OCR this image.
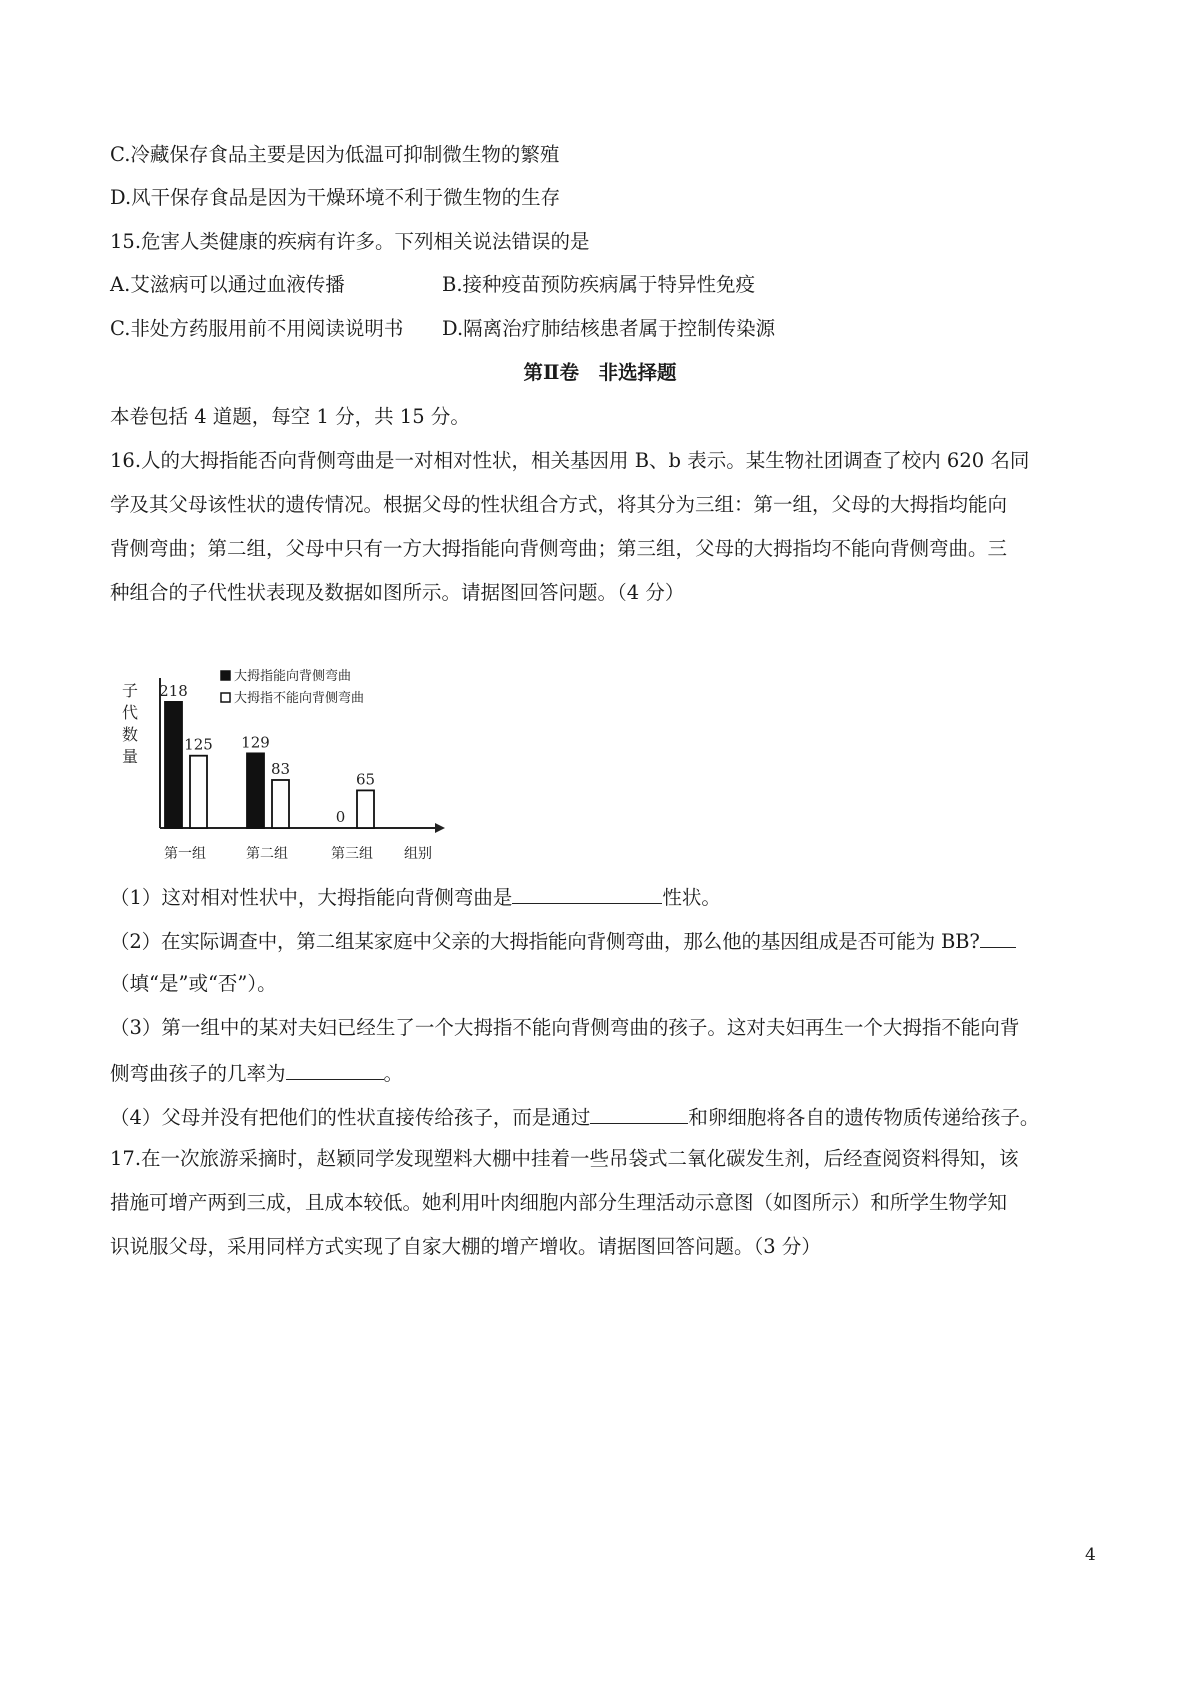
C.冷藏保存食品主要是因为低温可抑制微生物的繁殖
D.风干保存食品是因为干燥环境不利于微生物的生存
15.危害人类健康的疾病有许多。下列相关说法错误的是
A.艾滋病可以通过血液传播	B.接种疫苗预防疾病属于特异性免疫
C.非处方药服用前不用阅读说明书 D.隔离治疗肺结核患者属于控制传染源
第Ⅱ卷　非选择题
本卷包括 4 道题，每空 1 分，共 15 分。
16.人的大拇指能否向背侧弯曲是一对相对性状，相关基因用 B、b 表示。某生物社团调查了校内 620 名同
学及其父母该性状的遗传情况。根据父母的性状组合方式，将其分为三组：第一组，父母的大拇指均能向
背侧弯曲；第二组，父母中只有一方大拇指能向背侧弯曲；第三组，父母的大拇指均不能向背侧弯曲。三
种组合的子代性状表现及数据如图所示。请据图回答问题。（4 分）
子
代
数
量
大拇指能向背侧弯曲
大拇指不能向背侧弯曲
218
125 129
83
0
65
第一组	第二组	第三组 组别
（1）这对相对性状中，大拇指能向背侧弯曲是	性状。
（2）在实际调查中，第二组某家庭中父亲的大拇指能向背侧弯曲，那么他的基因组成是否可能为 BB?
（填“是”或“否”）。
（3）第一组中的某对夫妇已经生了一个大拇指不能向背侧弯曲的孩子。这对夫妇再生一个大拇指不能向背
侧弯曲孩子的几率为	。
（4）父母并没有把他们的性状直接传给孩子，而是通过	和卵细胞将各自的遗传物质传递给孩子。
17.在一次旅游采摘时，赵颖同学发现塑料大棚中挂着一些吊袋式二氧化碳发生剂，后经查阅资料得知，该
措施可增产两到三成，且成本较低。她利用叶肉细胞内部分生理活动示意图（如图所示）和所学生物学知
识说服父母，采用同样方式实现了自家大棚的增产增收。请据图回答问题。（3 分）
4
